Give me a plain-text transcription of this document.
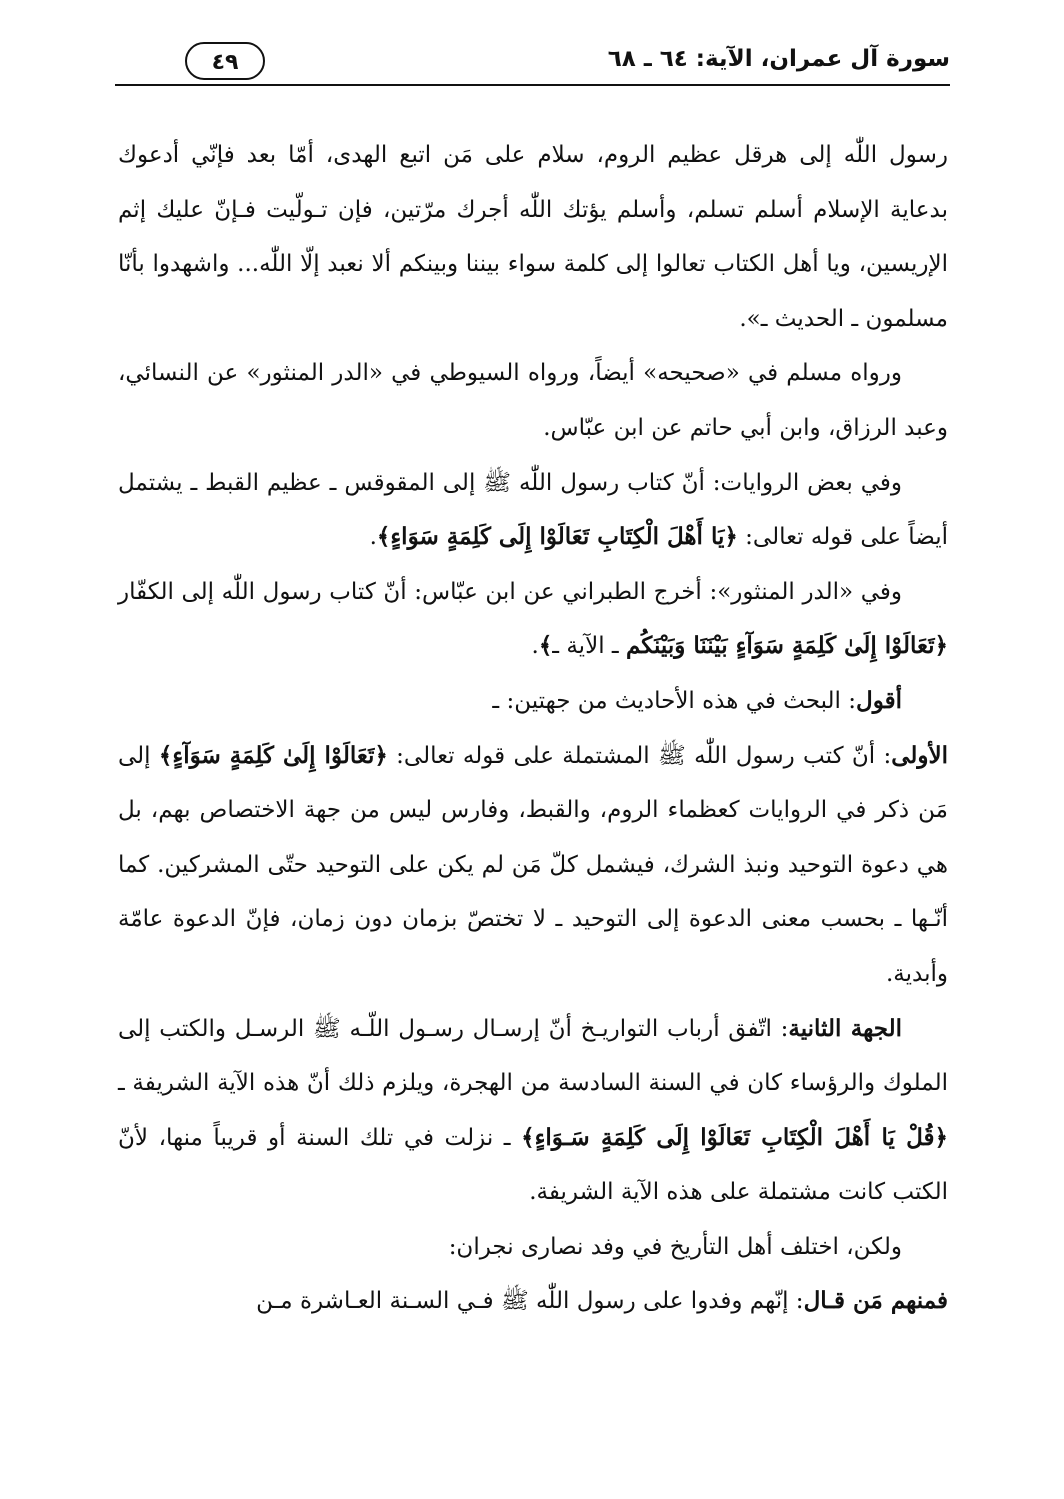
سورة آل عمران، الآية: ٦٤ ـ ٦٨
٤٩

رسول اللّٰه إلى هرقل عظيم الروم، سلام على مَن اتبع الهدى، أمّا بعد فإنّي أدعوك بدعاية الإسلام أسلم تسلم، وأسلم يؤتك اللّٰه أجرك مرّتين، فإن تـولّيت فـإنّ عليك إثم الإريسين، ويا أهل الكتاب تعالوا إلى كلمة سواء بيننا وبينكم ألا نعبد إلّا اللّٰه... واشهدوا بأنّا مسلمون ـ الحديث ـ».

ورواه مسلم في «صحيحه» أيضاً، ورواه السيوطي في «الدر المنثور» عن النسائي، وعبد الرزاق، وابن أبي حاتم عن ابن عبّاس.

وفي بعض الروايات: أنّ كتاب رسول اللّٰه ﷺ إلى المقوقس ـ عظيم القبط ـ يشتمل أيضاً على قوله تعالى: ﴿يَا أَهْلَ الْكِتَابِ تَعَالَوْا إِلَى كَلِمَةٍ سَوَاءٍ﴾.

وفي «الدر المنثور»: أخرج الطبراني عن ابن عبّاس: أنّ كتاب رسول اللّٰه إلى الكفّار ﴿تَعَالَوْا إِلَىٰ كَلِمَةٍ سَوَآءٍ بَيْنَنَا وَبَيْنَكُم ـ الآية ـ﴾.

أقول: البحث في هذه الأحاديث من جهتين: ـ

الأولى: أنّ كتب رسول اللّٰه ﷺ المشتملة على قوله تعالى: ﴿تَعَالَوْا إِلَىٰ كَلِمَةٍ سَوَآءٍ﴾ إلى مَن ذكر في الروايات كعظماء الروم، والقبط، وفارس ليس من جهة الاختصاص بهم، بل هي دعوة التوحيد ونبذ الشرك، فيشمل كلّ مَن لم يكن على التوحيد حتّى المشركين. كما أنّـها ـ بحسب معنى الدعوة إلى التوحيد ـ لا تختصّ بزمان دون زمان، فإنّ الدعوة عامّة وأبدية.

الجهة الثانية: اتّفق أرباب التواريـخ أنّ إرسـال رسـول اللّـه ﷺ الرسـل والكتب إلى الملوك والرؤساء كان في السنة السادسة من الهجرة، ويلزم ذلك أنّ هذه الآية الشريفة ـ ﴿قُلْ يَا أَهْلَ الْكِتَابِ تَعَالَوْا إِلَى كَلِمَةٍ سَـوَاءٍ﴾ ـ نزلت في تلك السنة أو قريباً منها، لأنّ الكتب كانت مشتملة على هذه الآية الشريفة.

ولكن، اختلف أهل التأريخ في وفد نصارى نجران:

فمنهم مَن قـال: إنّهم وفدوا على رسول اللّٰه ﷺ فـي السـنة العـاشرة مـن
